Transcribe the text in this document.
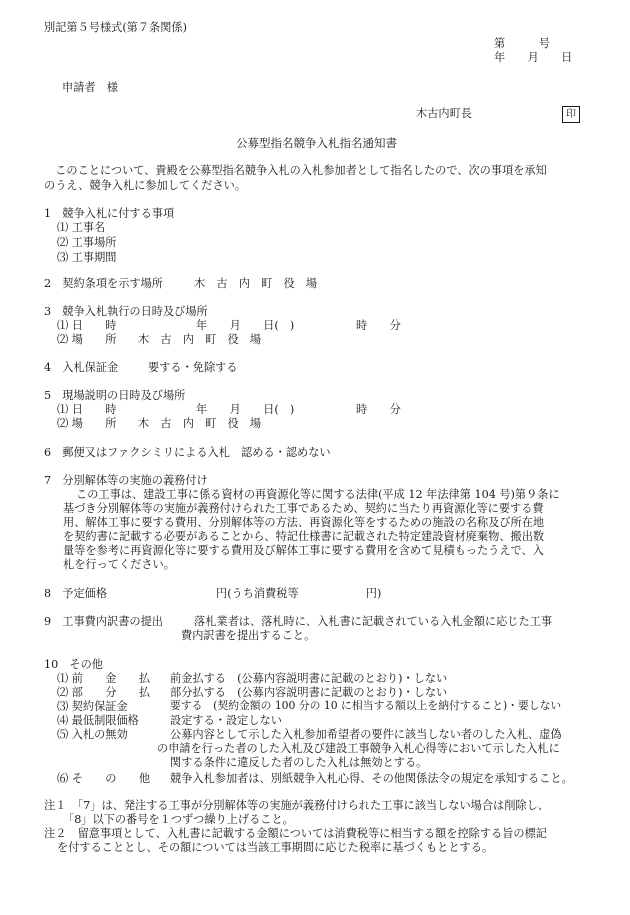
別記第５号様式(第７条関係)
第　　　号
年　　月　　日
申請者　様
木古内町長	印
公募型指名競争入札指名通知書
　このことについて、貴殿を公募型指名競争入札の入札参加者として指名したので、次の事項を承知
のうえ、競争入札に参加してください。
1　競争入札に付する事項
⑴ 工事名
⑵ 工事場所
⑶ 工事期間
2　契約条項を示す場所	木　古　内　町　役　場
3　競争入札執行の日時及び場所
⑴ 日　　時	年　　月　　日(　)	時　　分
⑵ 場　　所 木　古　内　町　役　場
4　入札保証金	要する・免除する
5　現場説明の日時及び場所
⑴ 日　　時	年　　月　　日(　)	時　　分
⑵ 場　　所 木　古　内　町　役　場
6　郵便又はファクシミリによる入札　認める・認めない
7　分別解体等の実施の義務付け
この工事は、建設工事に係る資材の再資源化等に関する法律(平成 12 年法律第 104 号)第９条に
基づき分別解体等の実施が義務付けられた工事であるため、契約に当たり再資源化等に要する費
用、解体工事に要する費用、分別解体等の方法、再資源化等をするための施設の名称及び所在地
を契約書に記載する必要があることから、特記仕様書に記載された特定建設資材廃棄物、搬出数
量等を参考に再資源化等に要する費用及び解体工事に要する費用を含めて見積もったうえで、入
札を行ってください。
8　予定価格	円(うち消費税等　　　　　　円)
9　工事費内訳書の提出	落札業者は、落札時に、入札書に記載されている入札金額に応じた工事
費内訳書を提出すること。
10　その他
⑴ 前　　金　　払 前金払する　(公募内容説明書に記載のとおり)・しない
⑵ 部　　分　　払 部分払する　(公募内容説明書に記載のとおり)・しない
⑶ 契約保証金	要する　(契約金額の 100 分の 10 に相当する額以上を納付すること)・要しない
⑷ 最低制限価格	設定する・設定しない
⑸ 入札の無効	公募内容として示した入札参加希望者の要件に該当しない者のした入札、虚偽
の申請を行った者のした入札及び建設工事競争入札心得等において示した入札に
関する条件に違反した者のした入札は無効とする。
⑹ そ　　の　　他 競争入札参加者は、別紙競争入札心得、その他関係法令の規定を承知すること。
注１　「7」は、発注する工事が分別解体等の実施が義務付けられた工事に該当しない場合は削除し、
「8」以下の番号を１つずつ繰り上げること。
注２　留意事項として、入札書に記載する金額については消費税等に相当する額を控除する旨の標記
を付することとし、その額については当該工事期間に応じた税率に基づくもととする。
